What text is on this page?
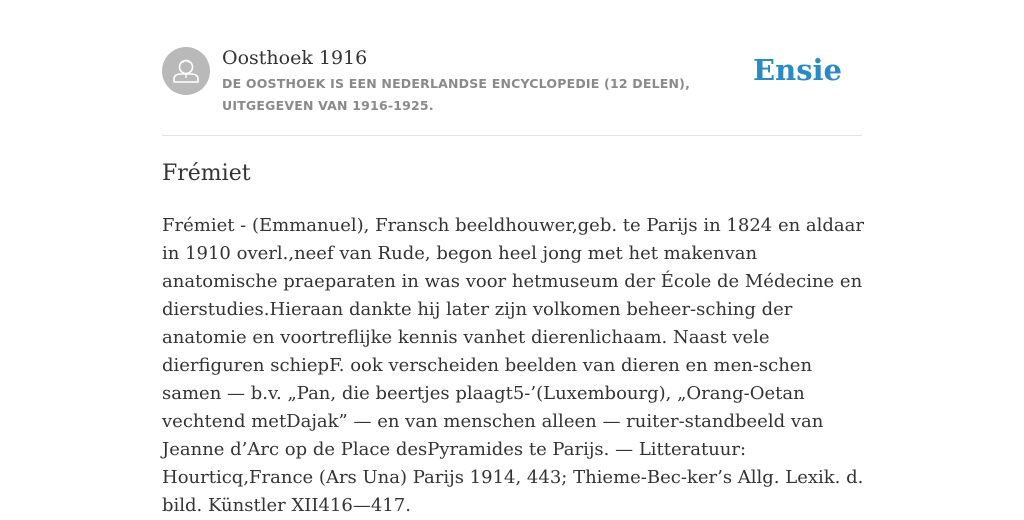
Oosthoek 1916
DE OOSTHOEK IS EEN NEDERLANDSE ENCYCLOPEDIE (12 DELEN), UITGEGEVEN VAN 1916-1925.
Ensie
Frémiet

Frémiet - (Emmanuel), Fransch beeldhouwer,geb. te Parijs in 1824 en aldaar in 1910 overl.,neef van Rude, begon heel jong met het makenvan anatomische praeparaten in was voor hetmuseum der École de Médecine en dierstudies.Hieraan dankte hij later zijn volkomen beheer-sching der anatomie en voortreflijke kennis vanhet dierenlichaam. Naast vele dierfiguren schiepF. ook verscheiden beelden van dieren en men-schen samen — b.v. „Pan, die beertjes plaagt5-’(Luxembourg), „Orang-Oetan vechtend metDajak” — en van menschen alleen — ruiter-standbeeld van Jeanne d’Arc op de Place desPyramides te Parijs. — Litteratuur: Hourticq,France (Ars Una) Parijs 1914, 443; Thieme-Bec-ker’s Allg. Lexik. d. bild. Künstler XII416—417.
